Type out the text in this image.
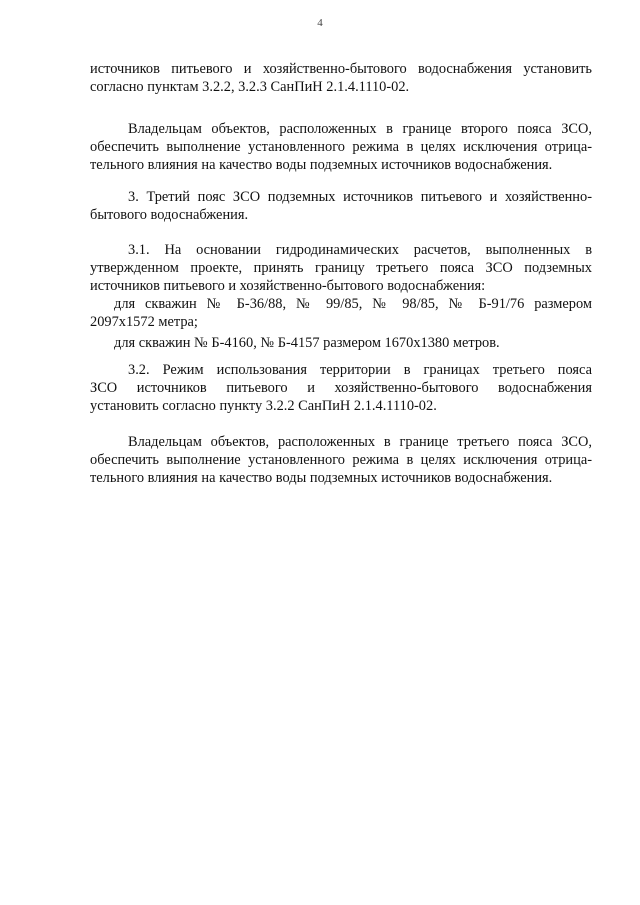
4
источников питьевого и хозяйственно-бытового водоснабжения установить
согласно пунктам 3.2.2, 3.2.3 СанПиН 2.1.4.1110-02.
Владельцам объектов, расположенных в границе второго пояса ЗСО,
обеспечить выполнение установленного режима в целях исключения отрица-
тельного влияния на качество воды подземных источников водоснабжения.
3. Третий пояс ЗСО подземных источников питьевого и хозяйственно-
бытового водоснабжения.
3.1. На основании гидродинамических расчетов, выполненных в
утвержденном проекте, принять границу третьего пояса ЗСО подземных
источников питьевого и хозяйственно-бытового водоснабжения:
для скважин № Б-36/88, № 99/85, № 98/85, № Б-91/76 размером
2097х1572 метра;
для скважин № Б-4160, № Б-4157 размером 1670х1380 метров.
3.2. Режим использования территории в границах третьего пояса
ЗСО источников питьевого и хозяйственно-бытового водоснабжения
установить согласно пункту 3.2.2 СанПиН 2.1.4.1110-02.
Владельцам объектов, расположенных в границе третьего пояса ЗСО,
обеспечить выполнение установленного режима в целях исключения отрица-
тельного влияния на качество воды подземных источников водоснабжения.
